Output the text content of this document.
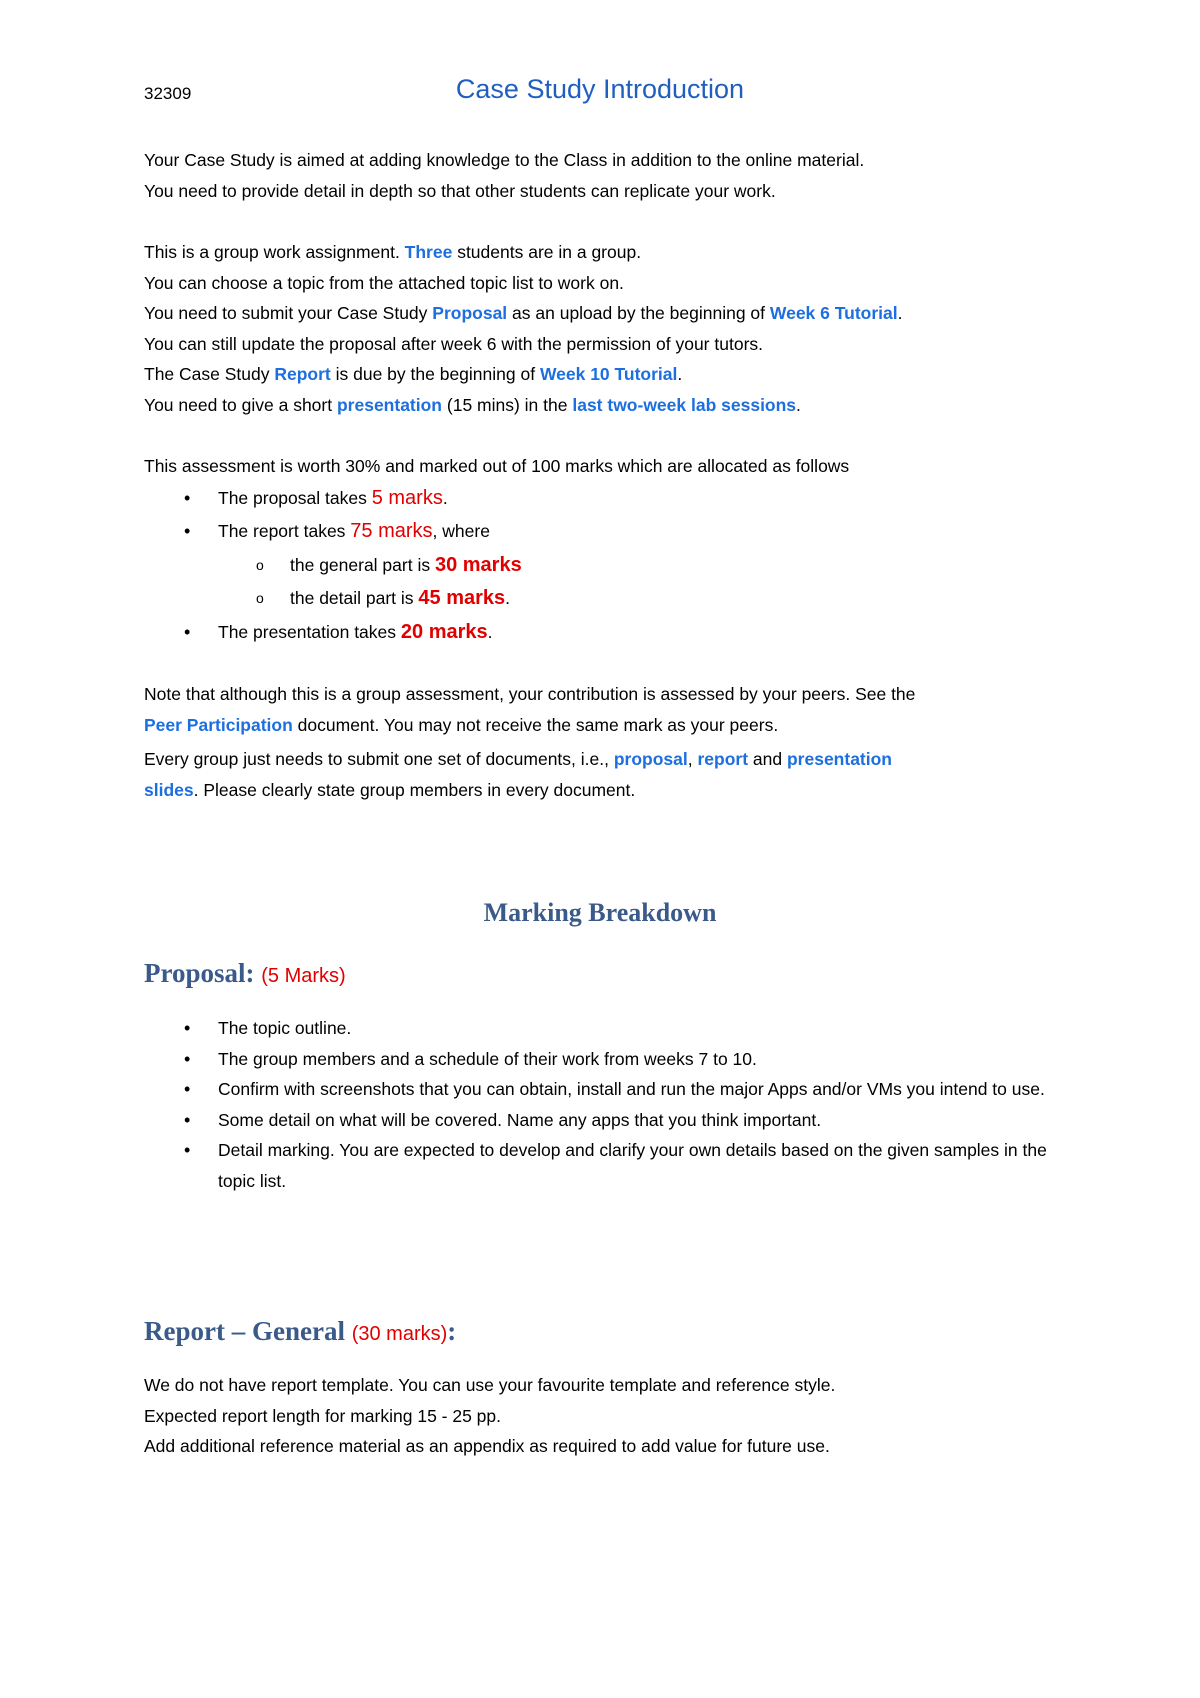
32309	Case Study Introduction
Your Case Study is aimed at adding knowledge to the Class in addition to the online material.
You need to provide detail in depth so that other students can replicate your work.
This is a group work assignment. Three students are in a group.
You can choose a topic from the attached topic list to work on.
You need to submit your Case Study Proposal as an upload by the beginning of Week 6 Tutorial.
You can still update the proposal after week 6 with the permission of your tutors.
The Case Study Report is due by the beginning of Week 10 Tutorial.
You need to give a short presentation (15 mins) in the last two-week lab sessions.
This assessment is worth 30% and marked out of 100 marks which are allocated as follows
• The proposal takes 5 marks.
• The report takes 75 marks, where
o the general part is 30 marks
o the detail part is 45 marks.
• The presentation takes 20 marks.
Note that although this is a group assessment, your contribution is assessed by your peers. See the
Peer Participation document. You may not receive the same mark as your peers.
Every group just needs to submit one set of documents, i.e., proposal, report and presentation
slides. Please clearly state group members in every document.
Marking Breakdown
Proposal: (5 Marks)
• The topic outline.
• The group members and a schedule of their work from weeks 7 to 10.
• Confirm with screenshots that you can obtain, install and run the major Apps and/or VMs you intend to use.
• Some detail on what will be covered. Name any apps that you think important.
• Detail marking. You are expected to develop and clarify your own details based on the given samples in the topic list.
Report – General (30 marks):
We do not have report template. You can use your favourite template and reference style.
Expected report length for marking 15 - 25 pp.
Add additional reference material as an appendix as required to add value for future use.
